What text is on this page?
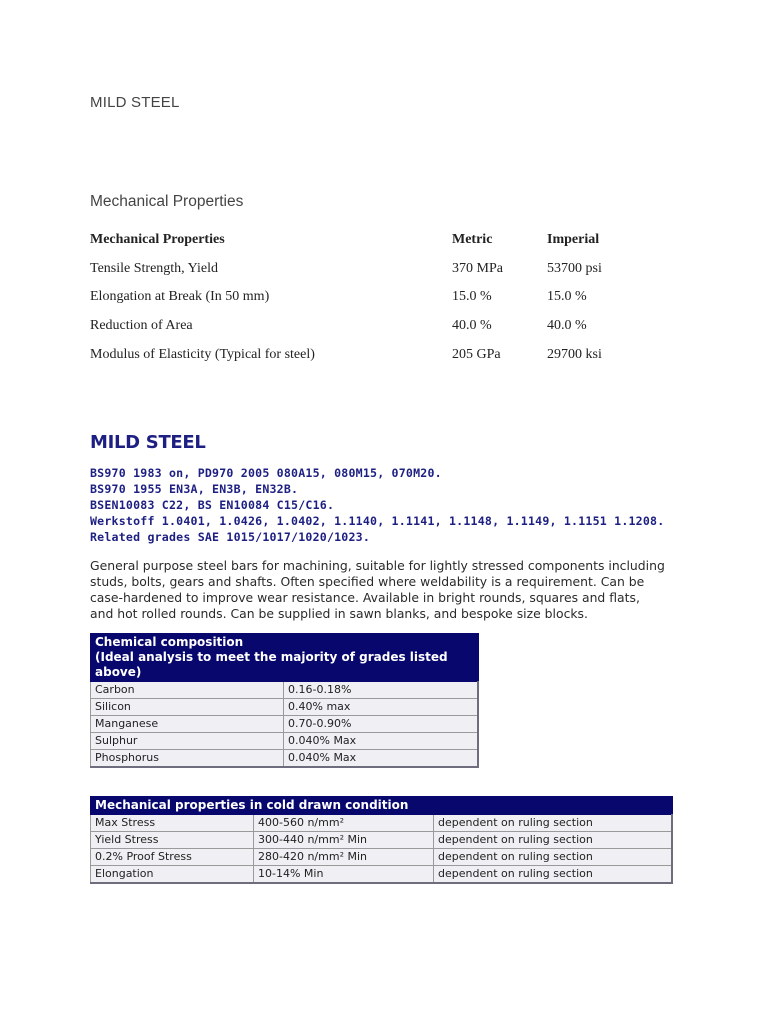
MILD STEEL
Mechanical Properties
Mechanical Properties	Metric	Imperial
Tensile Strength, Yield	370 MPa	53700 psi
Elongation at Break (In 50 mm)	15.0 %	15.0 %
Reduction of Area	40.0 %	40.0 %
Modulus of Elasticity (Typical for steel)	205 GPa	29700 ksi
MILD STEEL
BS970 1983 on, PD970 2005 080A15, 080M15, 070M20.
BS970 1955 EN3A, EN3B, EN32B.
BSEN10083 C22, BS EN10084 C15/C16.
Werkstoff 1.0401, 1.0426, 1.0402, 1.1140, 1.1141, 1.1148, 1.1149, 1.1151 1.1208.
Related grades SAE 1015/1017/1020/1023.
General purpose steel bars for machining, suitable for lightly stressed components including
studs, bolts, gears and shafts. Often specified where weldability is a requirement. Can be
case-hardened to improve wear resistance. Available in bright rounds, squares and flats,
and hot rolled rounds. Can be supplied in sawn blanks, and bespoke size blocks.
Chemical composition
(Ideal analysis to meet the majority of grades listed above)	

Carbon	0.16-0.18%
Silicon	0.40% max
Manganese	0.70-0.90%
Sulphur	0.040% Max
Phosphorus	0.040% Max
Mechanical properties in cold drawn condition		
Max Stress	400-560 n/mm²	dependent on ruling section
Yield Stress	300-440 n/mm² Min	dependent on ruling section
0.2% Proof Stress	280-420 n/mm² Min	dependent on ruling section
Elongation	10-14% Min	dependent on ruling section
